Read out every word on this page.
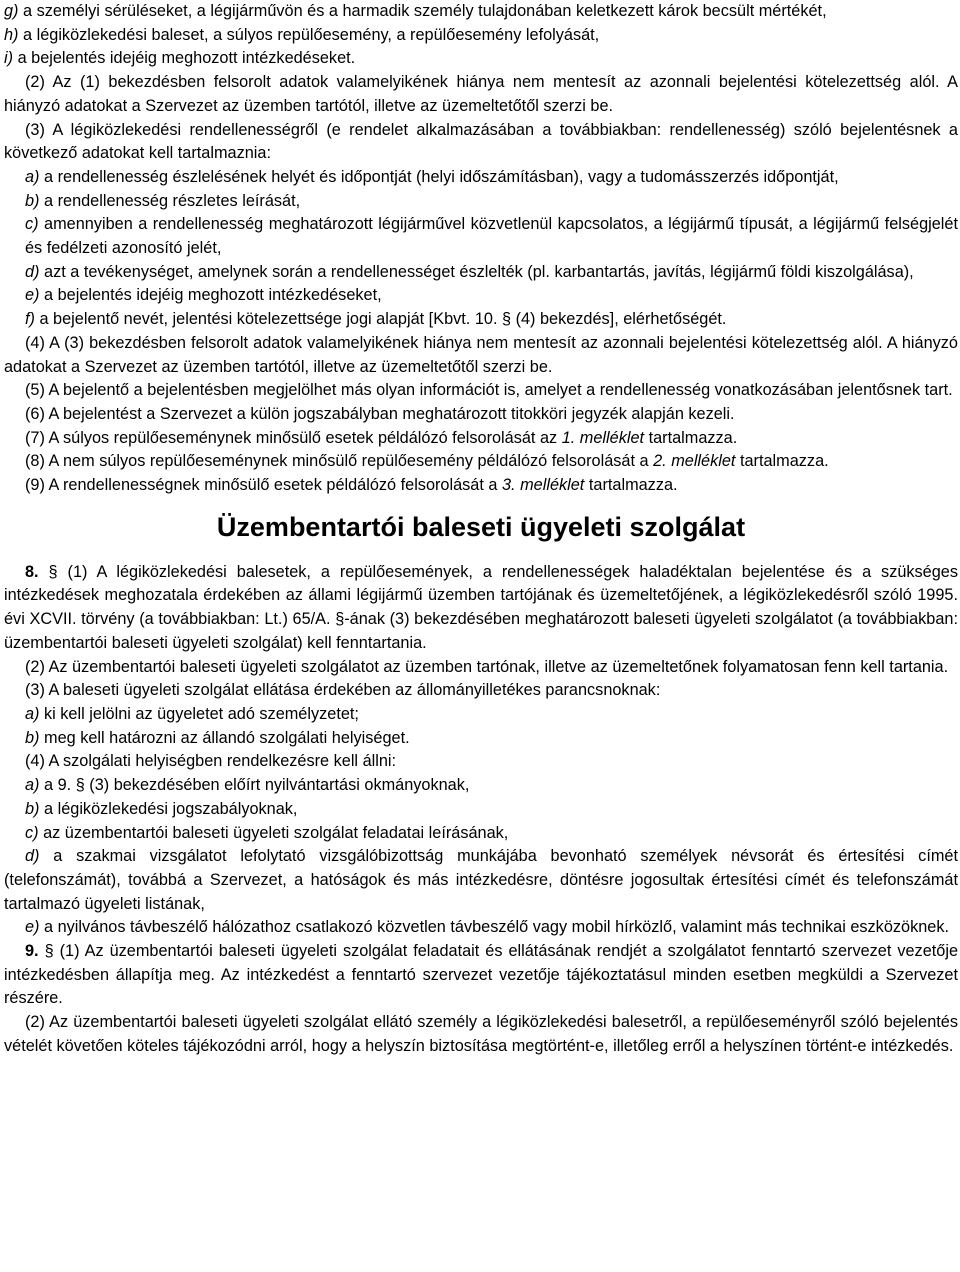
g) a személyi sérüléseket, a légijárművön és a harmadik személy tulajdonában keletkezett károk becsült mértékét,

h) a légiközlekedési baleset, a súlyos repülőesemény, a repülőesemény lefolyását,

i) a bejelentés idejéig meghozott intézkedéseket.

(2) Az (1) bekezdésben felsorolt adatok valamelyikének hiánya nem mentesít az azonnali bejelentési kötelezettség alól. A hiányzó adatokat a Szervezet az üzemben tartótól, illetve az üzemeltetőtől szerzi be.

(3) A légiközlekedési rendellenességről (e rendelet alkalmazásában a továbbiakban: rendellenesség) szóló bejelentésnek a következő adatokat kell tartalmaznia:

a) a rendellenesség észlelésének helyét és időpontját (helyi időszámításban), vagy a tudomásszerzés időpontját,

b) a rendellenesség részletes leírását,

c) amennyiben a rendellenesség meghatározott légijárművel közvetlenül kapcsolatos, a légijármű típusát, a légijármű felségjelét és fedélzeti azonosító jelét,

d) azt a tevékenységet, amelynek során a rendellenességet észlelték (pl. karbantartás, javítás, légijármű földi kiszolgálása),

e) a bejelentés idejéig meghozott intézkedéseket,

f) a bejelentő nevét, jelentési kötelezettsége jogi alapját [Kbvt. 10. § (4) bekezdés], elérhetőségét.

(4) A (3) bekezdésben felsorolt adatok valamelyikének hiánya nem mentesít az azonnali bejelentési kötelezettség alól. A hiányzó adatokat a Szervezet az üzemben tartótól, illetve az üzemeltetőtől szerzi be.

(5) A bejelentő a bejelentésben megjelölhet más olyan információt is, amelyet a rendellenesség vonatkozásában jelentősnek tart.

(6) A bejelentést a Szervezet a külön jogszabályban meghatározott titokköri jegyzék alapján kezeli.

(7) A súlyos repülőeseménynek minősülő esetek példálózó felsorolását az 1. melléklet tartalmazza.

(8) A nem súlyos repülőeseménynek minősülő repülőesemény példálózó felsorolását a 2. melléklet tartalmazza.

(9) A rendellenességnek minősülő esetek példálózó felsorolását a 3. melléklet tartalmazza.

Üzembentartói baleseti ügyeleti szolgálat

8. § (1) A légiközlekedési balesetek, a repülőesemények, a rendellenességek haladéktalan bejelentése és a szükséges intézkedések meghozatala érdekében az állami légijármű üzemben tartójának és üzemeltetőjének, a légiközlekedésről szóló 1995. évi XCVII. törvény (a továbbiakban: Lt.) 65/A. §-ának (3) bekezdésében meghatározott baleseti ügyeleti szolgálatot (a továbbiakban: üzembentartói baleseti ügyeleti szolgálat) kell fenntartania.

(2) Az üzembentartói baleseti ügyeleti szolgálatot az üzemben tartónak, illetve az üzemeltetőnek folyamatosan fenn kell tartania.

(3) A baleseti ügyeleti szolgálat ellátása érdekében az állományilletékes parancsnoknak:

a) ki kell jelölni az ügyeletet adó személyzetet;

b) meg kell határozni az állandó szolgálati helyiséget.

(4) A szolgálati helyiségben rendelkezésre kell állni:

a) a 9. § (3) bekezdésében előírt nyilvántartási okmányoknak,

b) a légiközlekedési jogszabályoknak,

c) az üzembentartói baleseti ügyeleti szolgálat feladatai leírásának,

d) a szakmai vizsgálatot lefolytató vizsgálóbizottság munkájába bevonható személyek névsorát és értesítési címét (telefonszámát), továbbá a Szervezet, a hatóságok és más intézkedésre, döntésre jogosultak értesítési címét és telefonszámát tartalmazó ügyeleti listának,

e) a nyilvános távbeszélő hálózathoz csatlakozó közvetlen távbeszélő vagy mobil hírközlő, valamint más technikai eszközöknek.

9. § (1) Az üzembentartói baleseti ügyeleti szolgálat feladatait és ellátásának rendjét a szolgálatot fenntartó szervezet vezetője intézkedésben állapítja meg. Az intézkedést a fenntartó szervezet vezetője tájékoztatásul minden esetben megküldi a Szervezet részére.

(2) Az üzembentartói baleseti ügyeleti szolgálat ellátó személy a légiközlekedési balesetről, a repülőeseményről szóló bejelentés vételét követően köteles tájékozódni arról, hogy a helyszín biztosítása megtörtént-e, illetőleg erről a helyszínen történt-e intézkedés.
